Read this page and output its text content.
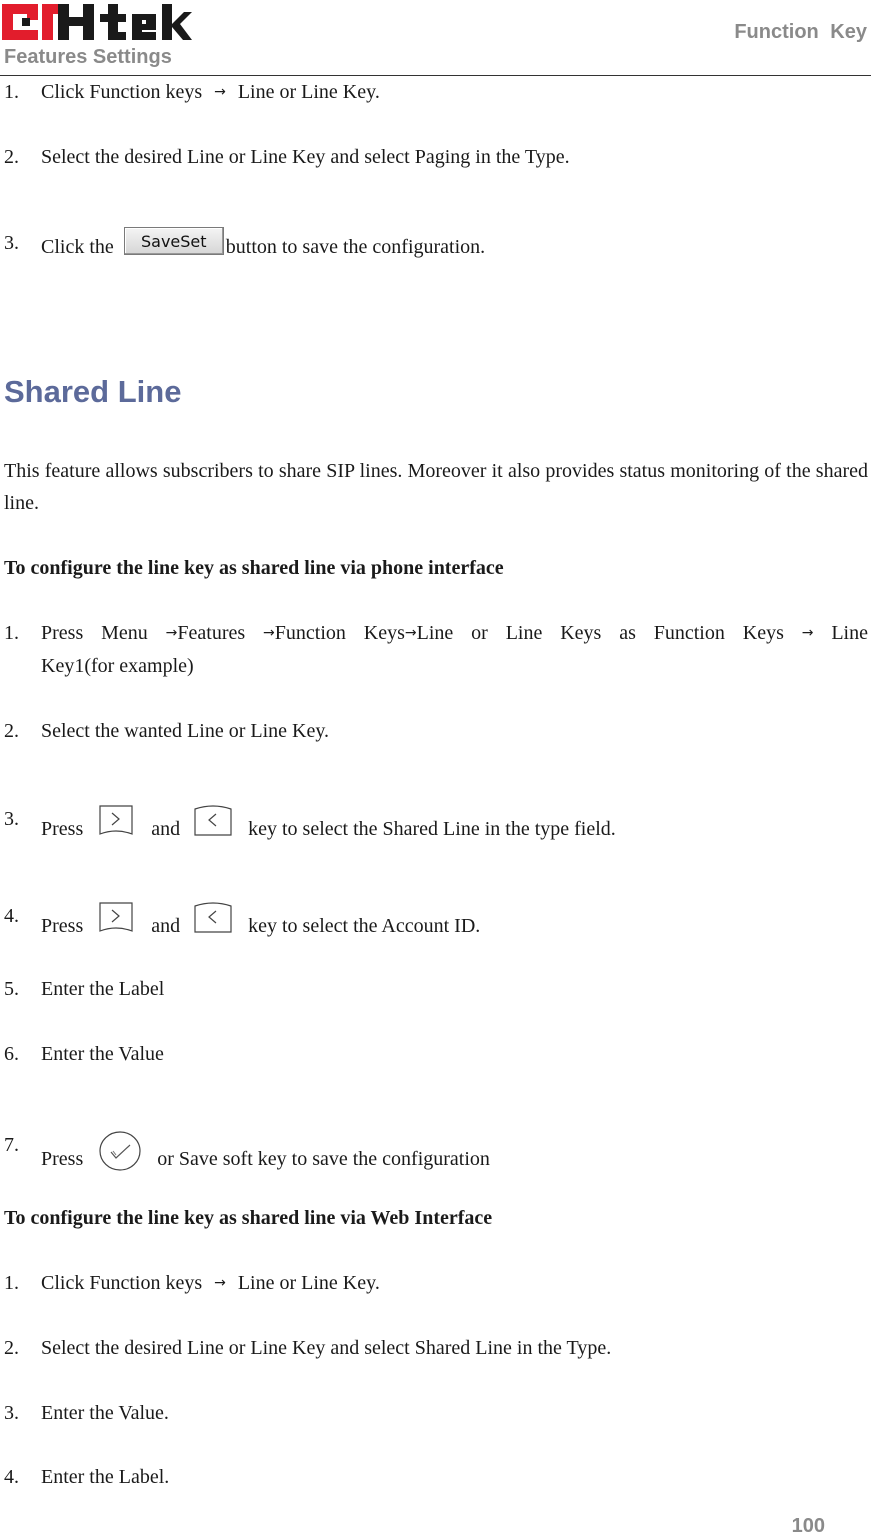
Features Settings
Function Key
1. Click Function keys → Line or Line Key.
2. Select the desired Line or Line Key and select Paging in the Type.
3. Click the SaveSet button to save the configuration.
Shared Line
This feature allows subscribers to share SIP lines. Moreover it also provides status monitoring of the shared line.
To configure the line key as shared line via phone interface
1. Press Menu →Features →Function Keys→Line or Line Keys as Function Keys → Line
Key1(for example)
2. Select the wanted Line or Line Key.
3. Press	and	key to select the Shared Line in the type field.
4. Press	and	key to select the Account ID.
5. Enter the Label
6. Enter the Value
7.
Press	or Save soft key to save the configuration
To configure the line key as shared line via Web Interface
1. Click Function keys → Line or Line Key.
2. Select the desired Line or Line Key and select Shared Line in the Type.
3. Enter the Value.
4. Enter the Label.
100
